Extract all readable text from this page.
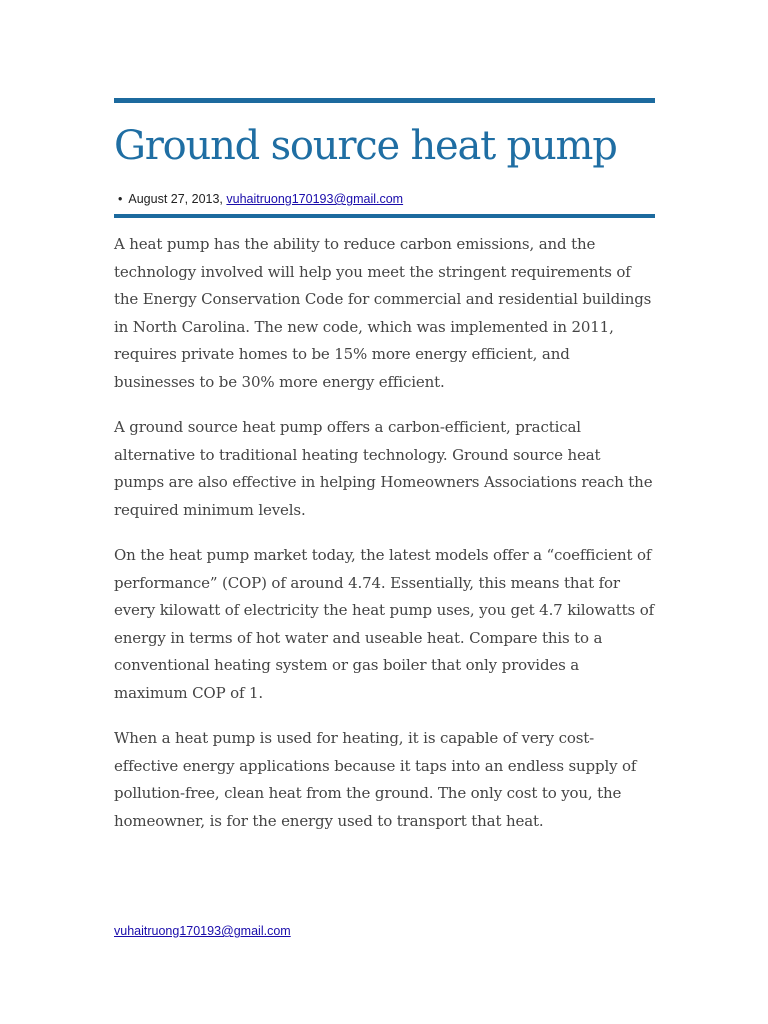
Ground source heat pump
• August 27, 2013, vuhaitruong170193@gmail.com

A heat pump has the ability to reduce carbon emissions, and the technology involved will help you meet the stringent requirements of the Energy Conservation Code for commercial and residential buildings in North Carolina. The new code, which was implemented in 2011, requires private homes to be 15% more energy efficient, and businesses to be 30% more energy efficient.

A ground source heat pump offers a carbon-efficient, practical alternative to traditional heating technology. Ground source heat pumps are also effective in helping Homeowners Associations reach the required minimum levels.

On the heat pump market today, the latest models offer a “coefficient of performance” (COP) of around 4.74. Essentially, this means that for every kilowatt of electricity the heat pump uses, you get 4.7 kilowatts of energy in terms of hot water and useable heat. Compare this to a conventional heating system or gas boiler that only provides a maximum COP of 1.

When a heat pump is used for heating, it is capable of very cost-effective energy applications because it taps into an endless supply of pollution-free, clean heat from the ground. The only cost to you, the homeowner, is for the energy used to transport that heat.

vuhaitruong170193@gmail.com
